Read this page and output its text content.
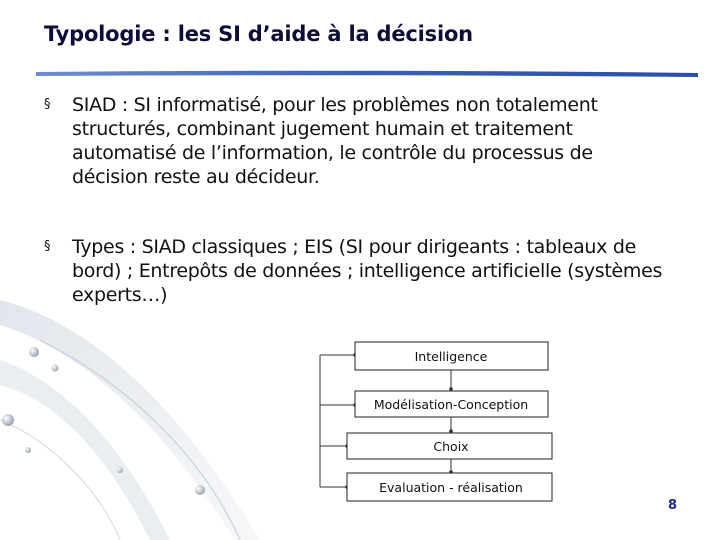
Typologie : les SI d’aide à la décision
§ SIAD : SI informatisé, pour les problèmes non totalement structurés, combinant jugement humain et traitement automatisé de l’information, le contrôle du processus de décision reste au décideur.
§ Types : SIAD classiques ; EIS (SI pour dirigeants : tableaux de bord) ; Entrepôts de données ; intelligence artificielle (systèmes experts…)
Intelligence
Modélisation-Conception
Choix
Evaluation - réalisation
8
